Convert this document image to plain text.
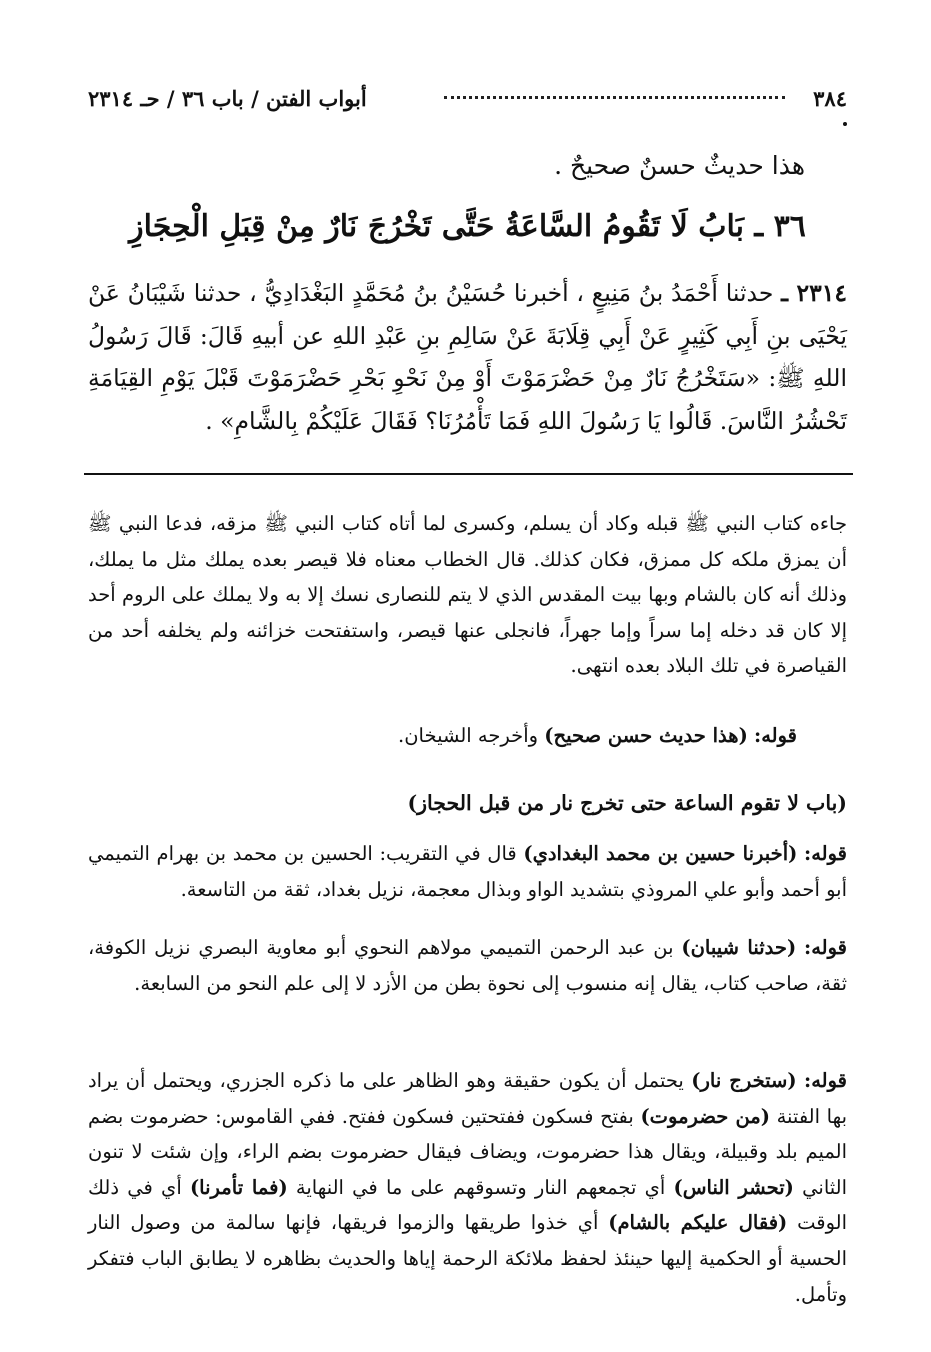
٣٨٤
أبواب الفتن / باب ٣٦ / حـ ٢٣١٤
هذا حديثٌ حسنٌ صحيحٌ .
٣٦ ـ بَابُ لَا تَقُومُ السَّاعَةُ حَتَّى تَخْرُجَ نَارٌ مِنْ قِبَلِ الْحِجَازِ
٢٣١٤ ـ حدثنا أَحْمَدُ بنُ مَنِيعٍ ، أخبرنا حُسَيْنُ بنُ مُحَمَّدٍ البَغْدَادِيُّ ، حدثنا شَيْبَانُ عَنْ يَحْيَى بنِ أَبِي كَثِيرٍ عَنْ أَبِي قِلَابَةَ عَنْ سَالِمِ بنِ عَبْدِ اللهِ عن أبيهِ قَالَ: قَالَ رَسُولُ اللهِ ﷺ: «سَتَخْرُجُ نَارٌ مِنْ حَضْرَمَوْتَ أَوْ مِنْ نَحْوِ بَحْرِ حَضْرَمَوْتَ قَبْلَ يَوْمِ القِيَامَةِ تَحْشُرُ النَّاسَ. قَالُوا يَا رَسُولَ اللهِ فَمَا تَأْمُرُنَا؟ فَقَالَ عَلَيْكُمْ بِالشَّامِ» .
جاءه كتاب النبي ﷺ قبله وكاد أن يسلم، وكسرى لما أتاه كتاب النبي ﷺ مزقه، فدعا النبي ﷺ أن يمزق ملكه كل ممزق، فكان كذلك. قال الخطاب معناه فلا قيصر بعده يملك مثل ما يملك، وذلك أنه كان بالشام وبها بيت المقدس الذي لا يتم للنصارى نسك إلا به ولا يملك على الروم أحد إلا كان قد دخله إما سراً وإما جهراً، فانجلى عنها قيصر، واستفتحت خزائنه ولم يخلفه أحد من القياصرة في تلك البلاد بعده انتهى.
قوله: (هذا حديث حسن صحيح) وأخرجه الشيخان.
(باب لا تقوم الساعة حتى تخرج نار من قبل الحجاز)
قوله: (أخبرنا حسين بن محمد البغدادي) قال في التقريب: الحسين بن محمد بن بهرام التميمي أبو أحمد وأبو علي المروذي بتشديد الواو وبذال معجمة، نزيل بغداد، ثقة من التاسعة.
قوله: (حدثنا شيبان) بن عبد الرحمن التميمي مولاهم النحوي أبو معاوية البصري نزيل الكوفة، ثقة، صاحب كتاب، يقال إنه منسوب إلى نحوة بطن من الأزد لا إلى علم النحو من السابعة.
قوله: (ستخرج نار) يحتمل أن يكون حقيقة وهو الظاهر على ما ذكره الجزري، ويحتمل أن يراد بها الفتنة (من حضرموت) بفتح فسكون ففتحتين فسكون ففتح. ففي القاموس: حضرموت بضم الميم بلد وقبيلة، ويقال هذا حضرموت، ويضاف فيقال حضرموت بضم الراء، وإن شئت لا تنون الثاني (تحشر الناس) أي تجمعهم النار وتسوقهم على ما في النهاية (فما تأمرنا) أي في ذلك الوقت (فقال عليكم بالشام) أي خذوا طريقها والزموا فريقها، فإنها سالمة من وصول النار الحسية أو الحكمية إليها حينئذ لحفظ ملائكة الرحمة إياها والحديث بظاهره لا يطابق الباب فتفكر وتأمل.
